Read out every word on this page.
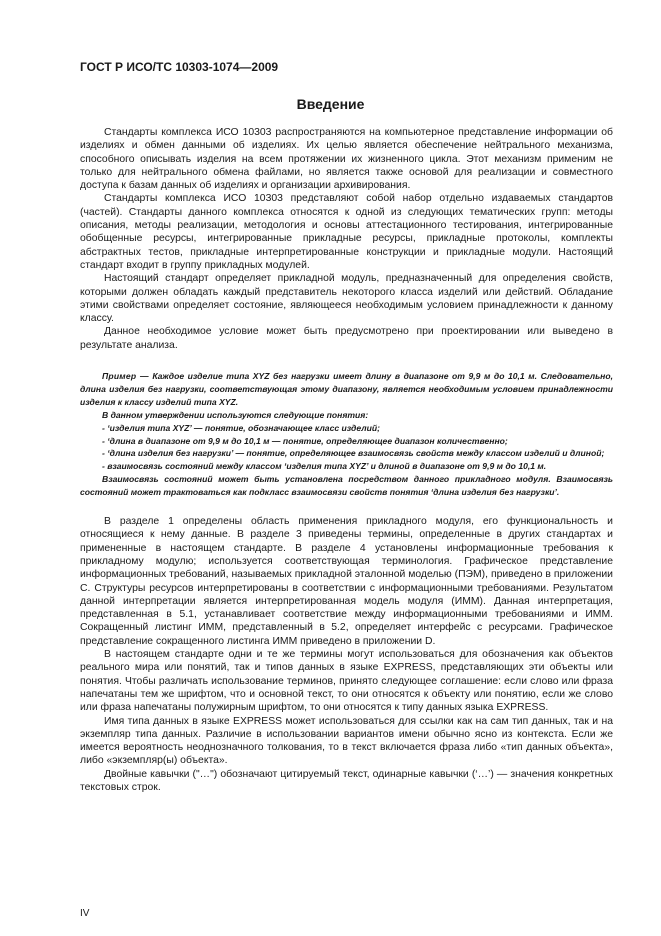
ГОСТ Р ИСО/ТС 10303-1074—2009
Введение

Стандарты комплекса ИСО 10303 распространяются на компьютерное представление информации об изделиях и обмен данными об изделиях. Их целью является обеспечение нейтрального механизма, способного описывать изделия на всем протяжении их жизненного цикла. Этот механизм применим не только для нейтрального обмена файлами, но является также основой для реализации и совместного доступа к базам данных об изделиях и организации архивирования.

Стандарты комплекса ИСО 10303 представляют собой набор отдельно издаваемых стандартов (частей). Стандарты данного комплекса относятся к одной из следующих тематических групп: методы описания, методы реализации, методология и основы аттестационного тестирования, интегрированные обобщенные ресурсы, интегрированные прикладные ресурсы, прикладные протоколы, комплекты абстрактных тестов, прикладные интерпретированные конструкции и прикладные модули. Настоящий стандарт входит в группу прикладных модулей.

Настоящий стандарт определяет прикладной модуль, предназначенный для определения свойств, которыми должен обладать каждый представитель некоторого класса изделий или действий. Обладание этими свойствами определяет состояние, являющееся необходимым условием принадлежности к данному классу.

Данное необходимое условие может быть предусмотрено при проектировании или выведено в результате анализа.

Пример — Каждое изделие типа XYZ без нагрузки имеет длину в диапазоне от 9,9 м до 10,1 м. Следовательно, длина изделия без нагрузки, соответствующая этому диапазону, является необходимым условием принадлежности изделия к классу изделий типа XYZ.

В данном утверждении используются следующие понятия:

- ‘изделия типа XYZ’ — понятие, обозначающее класс изделий;

- ‘длина в диапазоне от 9,9 м до 10,1 м — понятие, определяющее диапазон количественно;

- ‘длина изделия без нагрузки’ — понятие, определяющее взаимосвязь свойств между классом изделий и длиной;

- взаимосвязь состояний между классом ‘изделия типа XYZ’ и длиной в диапазоне от 9,9 м до 10,1 м.

Взаимосвязь состояний может быть установлена посредством данного прикладного модуля. Взаимосвязь состояний может трактоваться как подкласс взаимосвязи свойств понятия ‘длина изделия без нагрузки’.

В разделе 1 определены область применения прикладного модуля, его функциональность и относящиеся к нему данные. В разделе 3 приведены термины, определенные в других стандартах и примененные в настоящем стандарте. В разделе 4 установлены информационные требования к прикладному модулю; используется соответствующая терминология. Графическое представление информационных требований, называемых прикладной эталонной моделью (ПЭМ), приведено в приложении С. Структуры ресурсов интерпретированы в соответствии с информационными требованиями. Результатом данной интерпретации является интерпретированная модель модуля (ИММ). Данная интерпретация, представленная в 5.1, устанавливает соответствие между информационными требованиями и ИММ. Сокращенный листинг ИММ, представленный в 5.2, определяет интерфейс с ресурсами. Графическое представление сокращенного листинга ИММ приведено в приложении D.

В настоящем стандарте одни и те же термины могут использоваться для обозначения как объектов реального мира или понятий, так и типов данных в языке EXPRESS, представляющих эти объекты или понятия. Чтобы различать использование терминов, принято следующее соглашение: если слово или фраза напечатаны тем же шрифтом, что и основной текст, то они относятся к объекту или понятию, если же слово или фраза напечатаны полужирным шрифтом, то они относятся к типу данных языка EXPRESS.

Имя типа данных в языке EXPRESS может использоваться для ссылки как на сам тип данных, так и на экземпляр типа данных. Различие в использовании вариантов имени обычно ясно из контекста. Если же имеется вероятность неоднозначного толкования, то в текст включается фраза либо «тип данных объекта», либо «экземпляр(ы) объекта».

Двойные кавычки ("…") обозначают цитируемый текст, одинарные кавычки (‘…’) — значения конкретных текстовых строк.

IV
